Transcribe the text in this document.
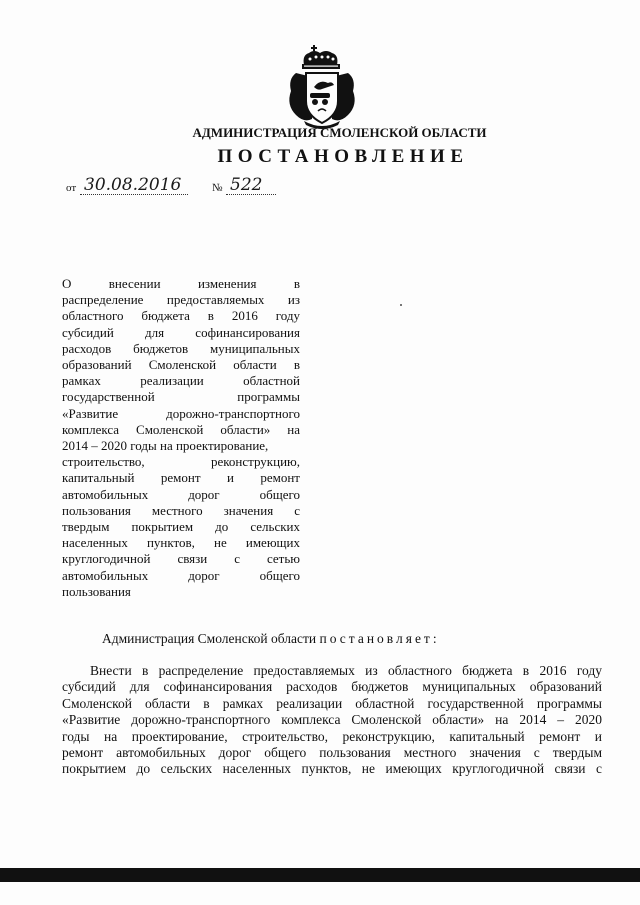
АДМИНИСТРАЦИЯ СМОЛЕНСКОЙ ОБЛАСТИ
ПОСТАНОВЛЕНИЕ
от 30.08.2016	№ 522
О внесении изменения в
распределение предоставляемых из
областного бюджета в 2016 году
субсидий для софинансирования
расходов бюджетов муниципальных
образований Смоленской области в
рамках реализации областной
государственной программы
«Развитие дорожно-транспортного
комплекса Смоленской области» на
2014 – 2020 годы на проектирование,
строительство, реконструкцию,
капитальный ремонт и ремонт
автомобильных дорог общего
пользования местного значения с
твердым покрытием до сельских
населенных пунктов, не имеющих
круглогодичной связи с сетью
автомобильных дорог общего
пользования
Администрация Смоленской области постановляет:
Внести в распределение предоставляемых из областного бюджета в 2016 году
субсидий для софинансирования расходов бюджетов муниципальных образований
Смоленской области в рамках реализации областной государственной программы
«Развитие дорожно-транспортного комплекса Смоленской области» на 2014 – 2020
годы на проектирование, строительство, реконструкцию, капитальный ремонт и
ремонт автомобильных дорог общего пользования местного значения с твердым
покрытием до сельских населенных пунктов, не имеющих круглогодичной связи с
